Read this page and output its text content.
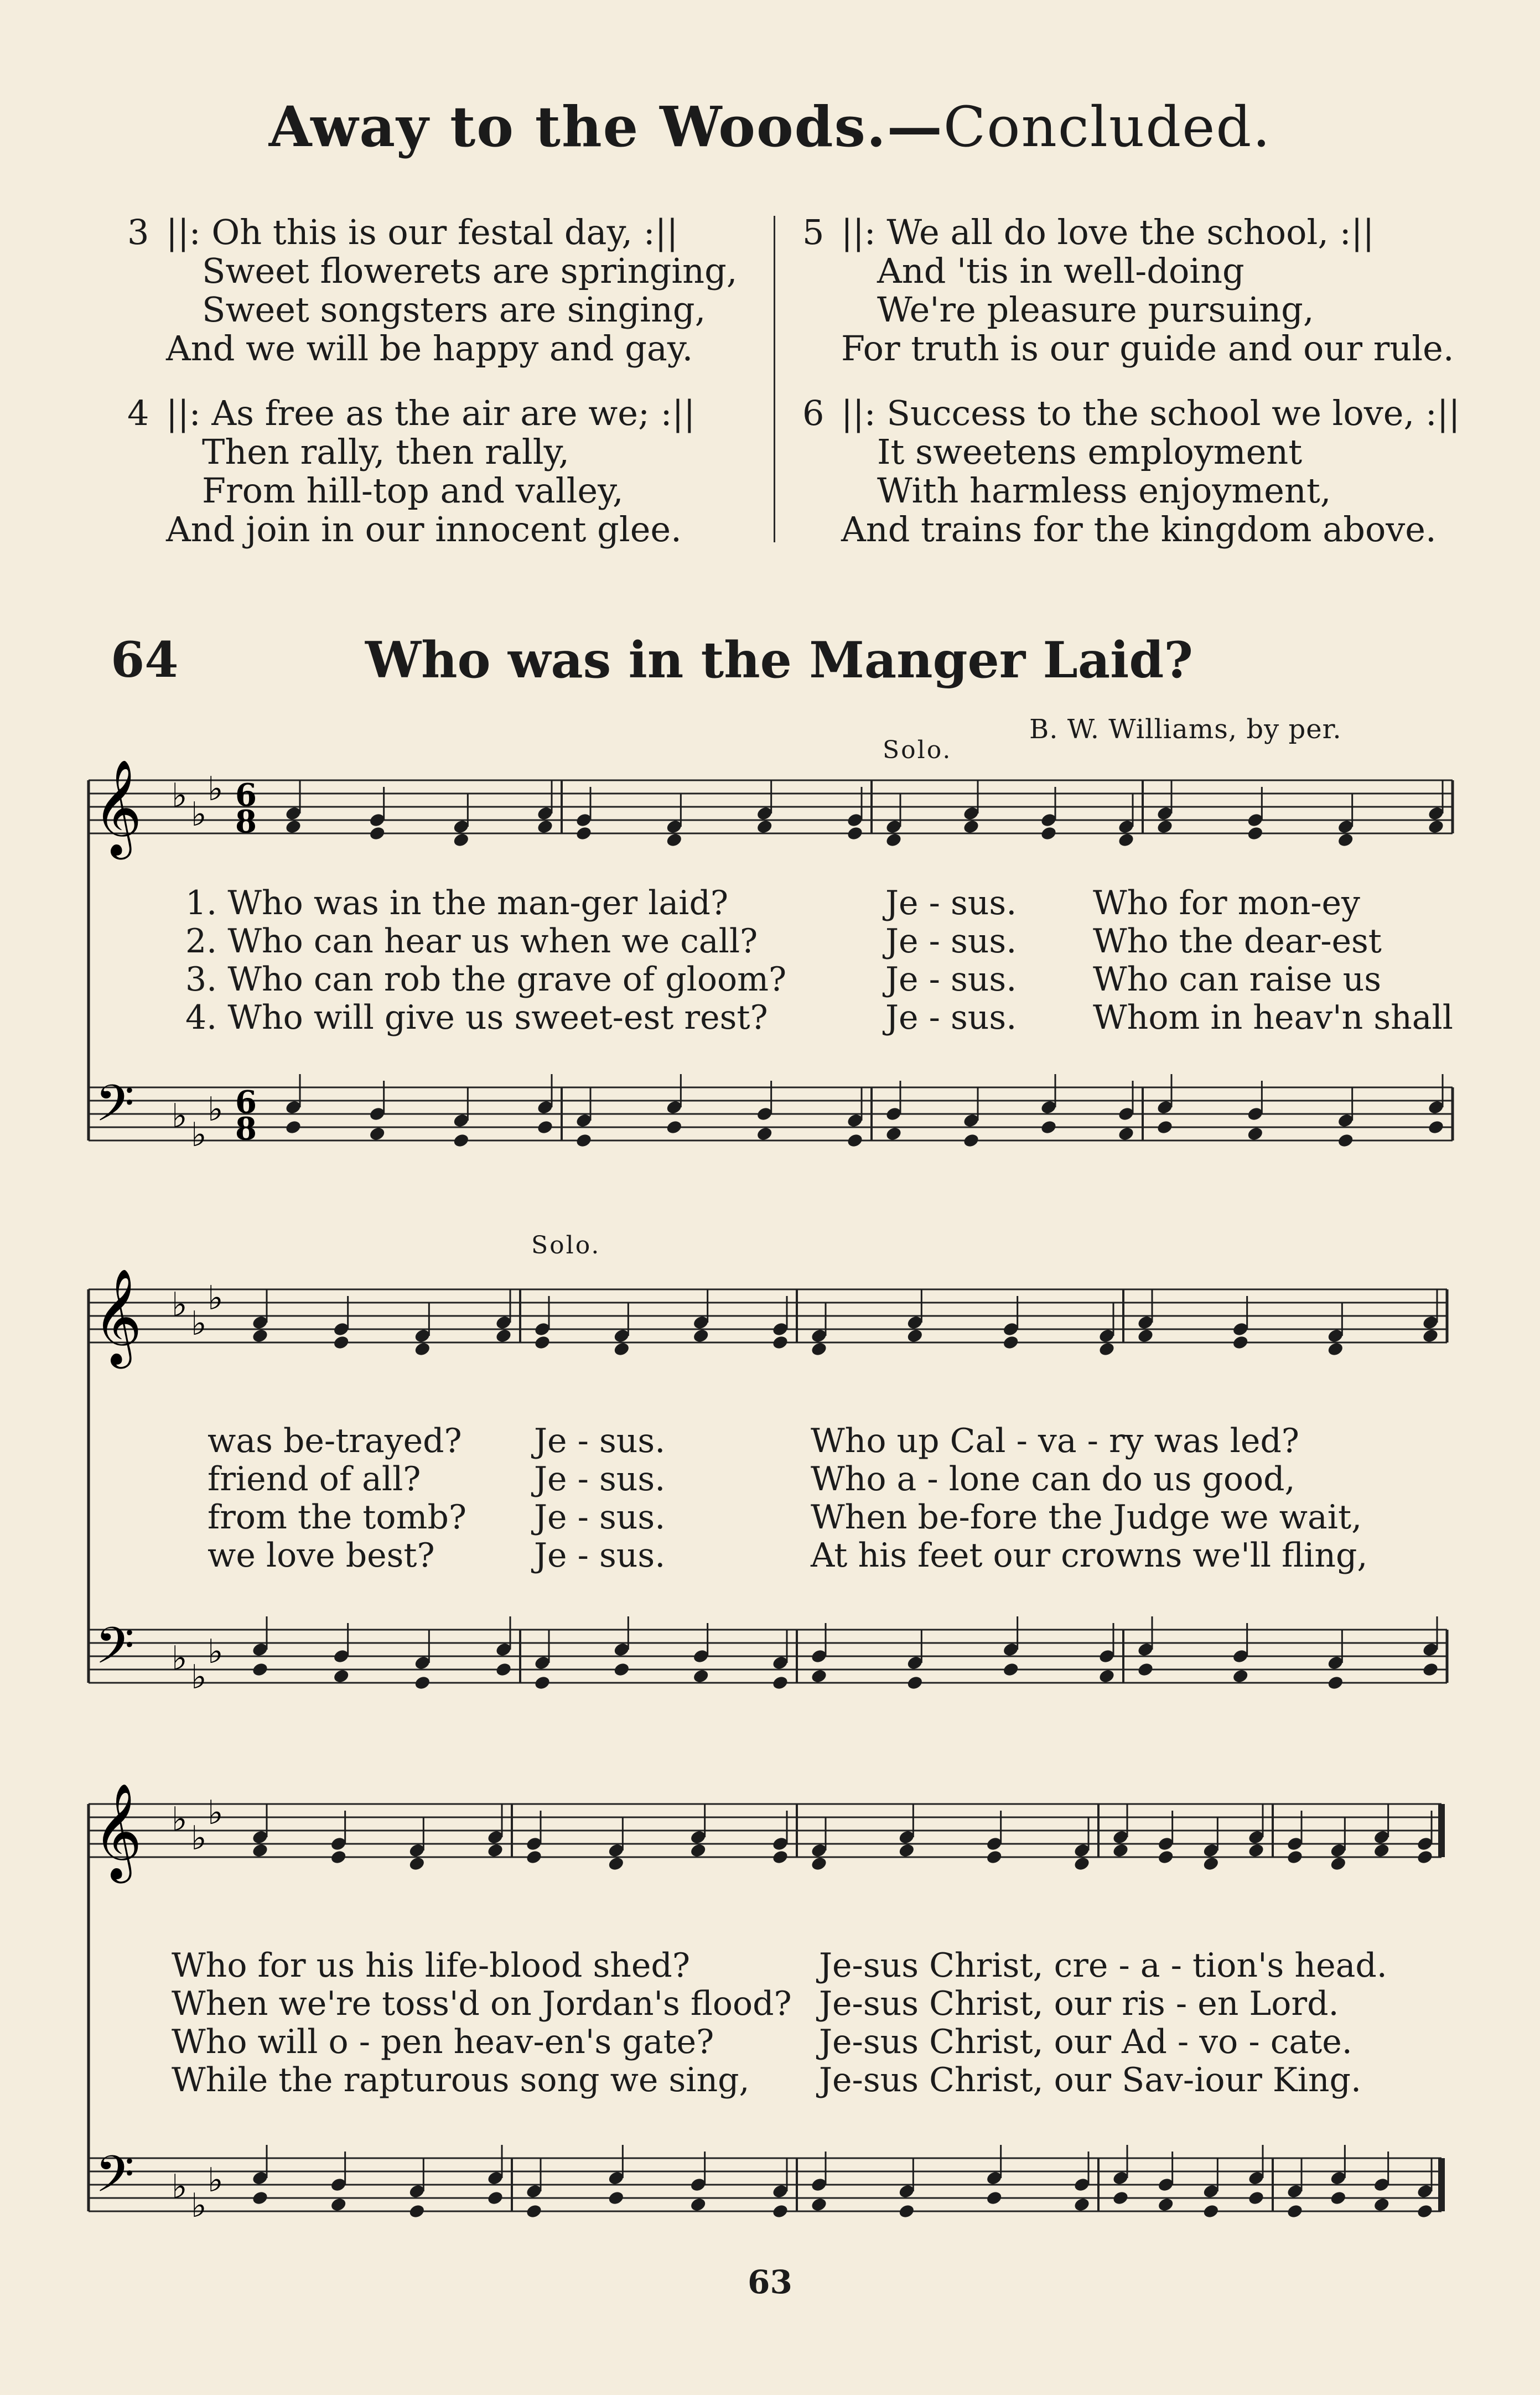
Away to the Woods.—Concluded.
3 ||: Oh this is our festal day, :||
Sweet flowerets are springing,
Sweet songsters are singing,
And we will be happy and gay.
4 ||: As free as the air are we; :||
Then rally, then rally,
From hill-top and valley,
And join in our innocent glee.
5 ||: We all do love the school, :||
And 'tis in well-doing
We're pleasure pursuing,
For truth is our guide and our rule.
6 ||: Success to the school we love, :||
It sweetens employment
With harmless enjoyment,
And trains for the kingdom above.
64	Who was in the Manger Laid?
B. W. Williams, by per.
Solo.
Solo.
𝄞
𝄢
♭ ♭
♭
♭ ♭
♭
6
6
8
8
𝄞
𝄢
♭ ♭
♭
♭ ♭
♭
𝄞
𝄢
♭ ♭
♭
♭ ♭
♭
1. Who was in the man-ger laid?
2. Who can hear us when we call?
3. Who can rob the grave of gloom?
4. Who will give us sweet-est rest?
Je - sus.
Je - sus.
Je - sus.
Je - sus.
Who for mon-ey
Who the dear-est
Who can raise us
Whom in heav'n shall
was be-trayed?
friend of all?
from the tomb?
we love best?
Je - sus.
Je - sus.
Je - sus.
Je - sus.
Who up Cal - va - ry was led?
Who a - lone can do us good,
When be-fore the Judge we wait,
At his feet our crowns we'll fling,
Who for us his life-blood shed?
When we're toss'd on Jordan's flood?
Who will o - pen heav-en's gate?
While the rapturous song we sing,
Je-sus Christ, cre - a - tion's head.
Je-sus Christ, our ris - en Lord.
Je-sus Christ, our Ad - vo - cate.
Je-sus Christ, our Sav-iour King.
63
